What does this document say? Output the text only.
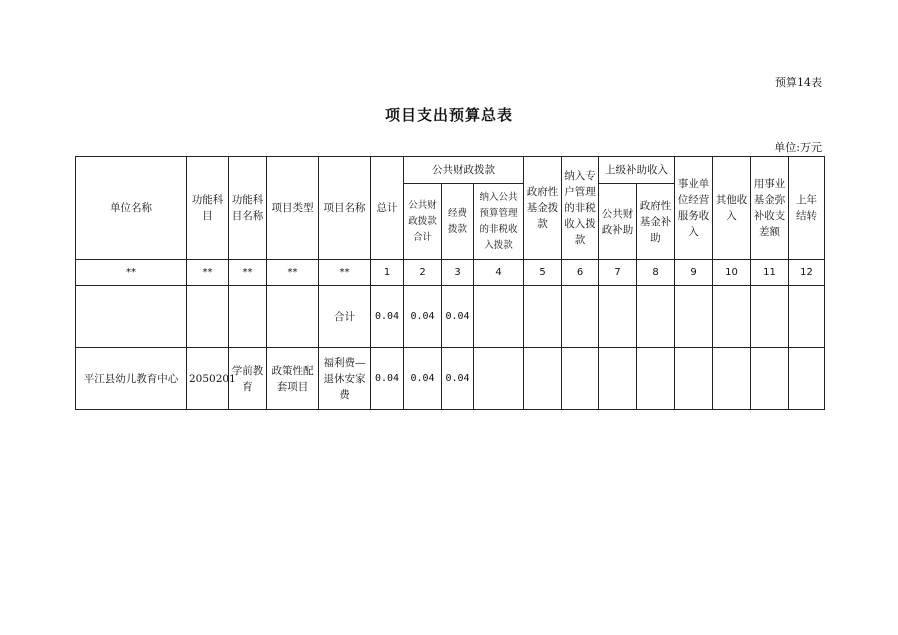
预算14表
项目支出预算总表
单位:万元
单位名称	功能科目	功能科目名称	项目类型	项目名称	总计	公共财政拨款			政府性基金拨款	纳入专户管理的非税收入拨款	上级补助收入		事业单位经营服务收入	其他收入	用事业基金弥补收支差额	上年结转
						公共财政拨款合计	经费拨款	纳入公共预算管理的非税收入拨款			公共财政补助	政府性基金补助				
**	**	**	**	**	1	2	3	4	5	6	7	8	9	10	11	12
				合计	0.04	0.04	0.04									
平江县幼儿教育中心	2050201	学前教育	政策性配套项目	福利费—退休安家费	0.04	0.04	0.04									
